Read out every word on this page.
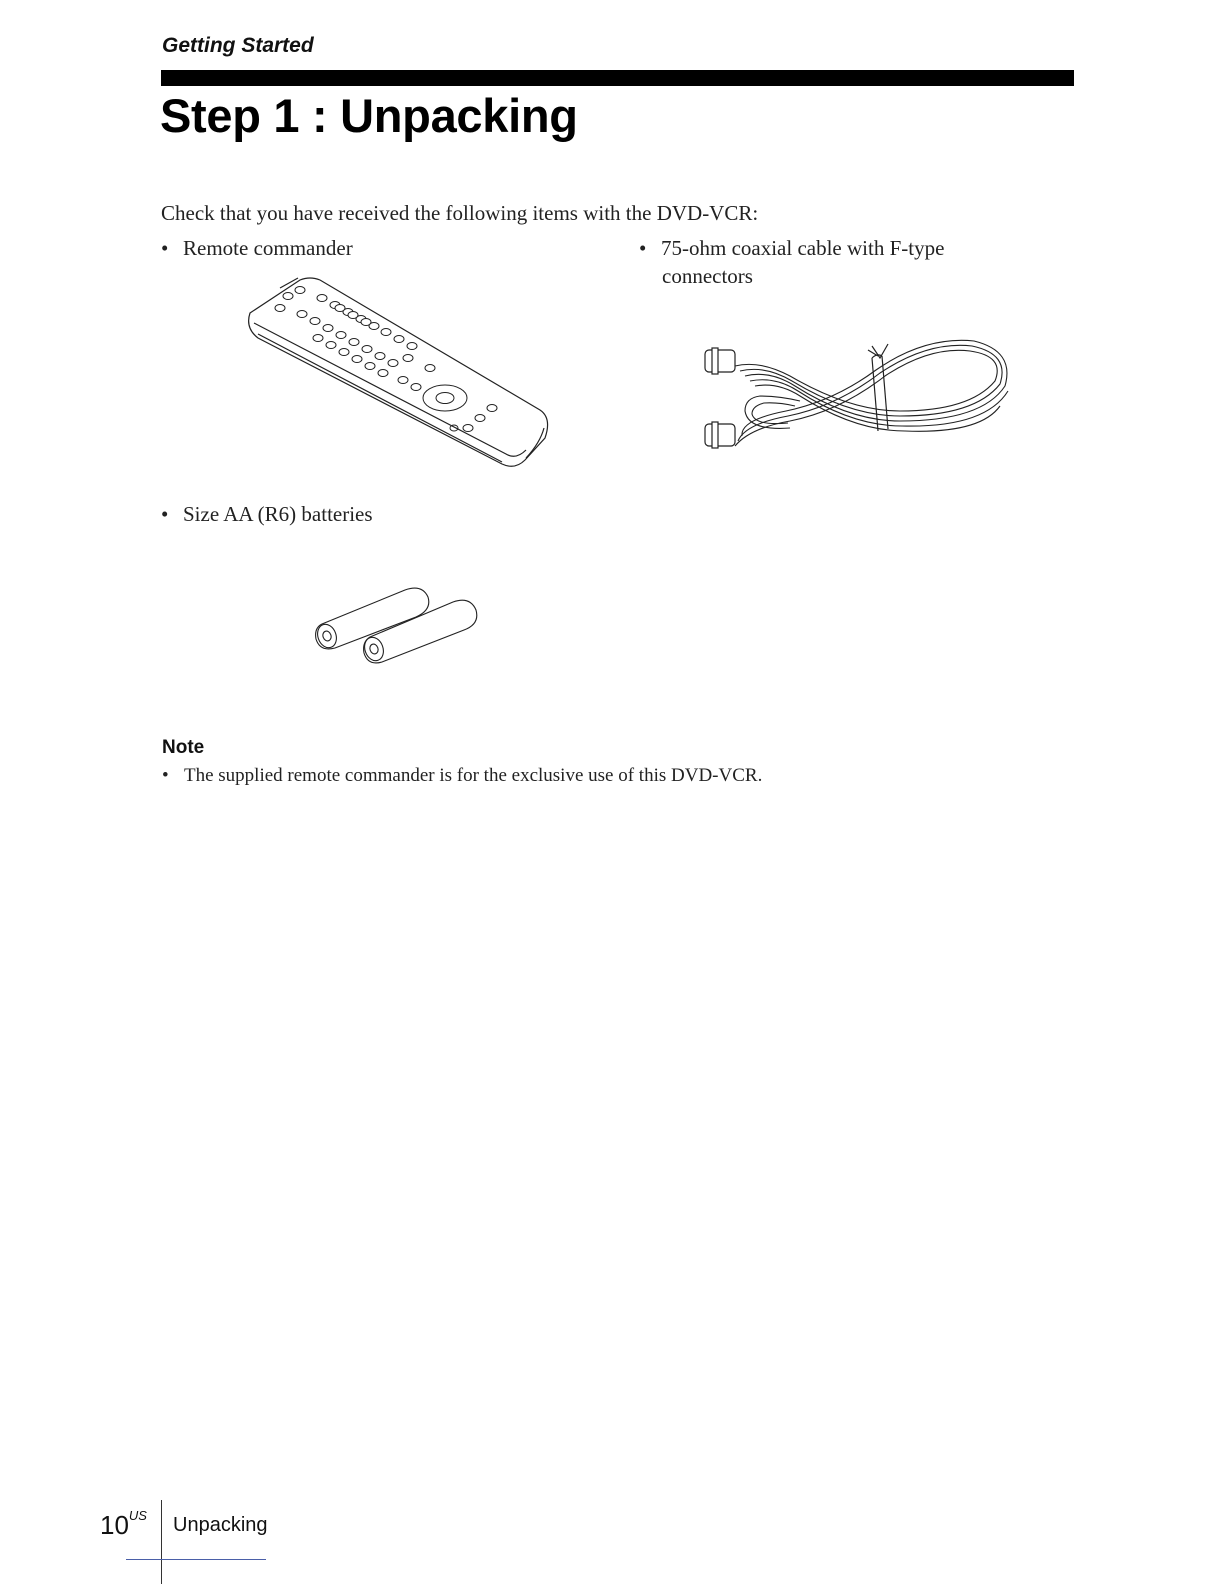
Getting Started
Step 1 : Unpacking
Check that you have received the following items with the DVD-VCR:
• Remote commander	• 75-ohm coaxial cable with F-type
connectors
• Size AA (R6) batteries
Note
• The supplied remote commander is for the exclusive use of this DVD-VCR.
$10^{US}$ Unpacking
